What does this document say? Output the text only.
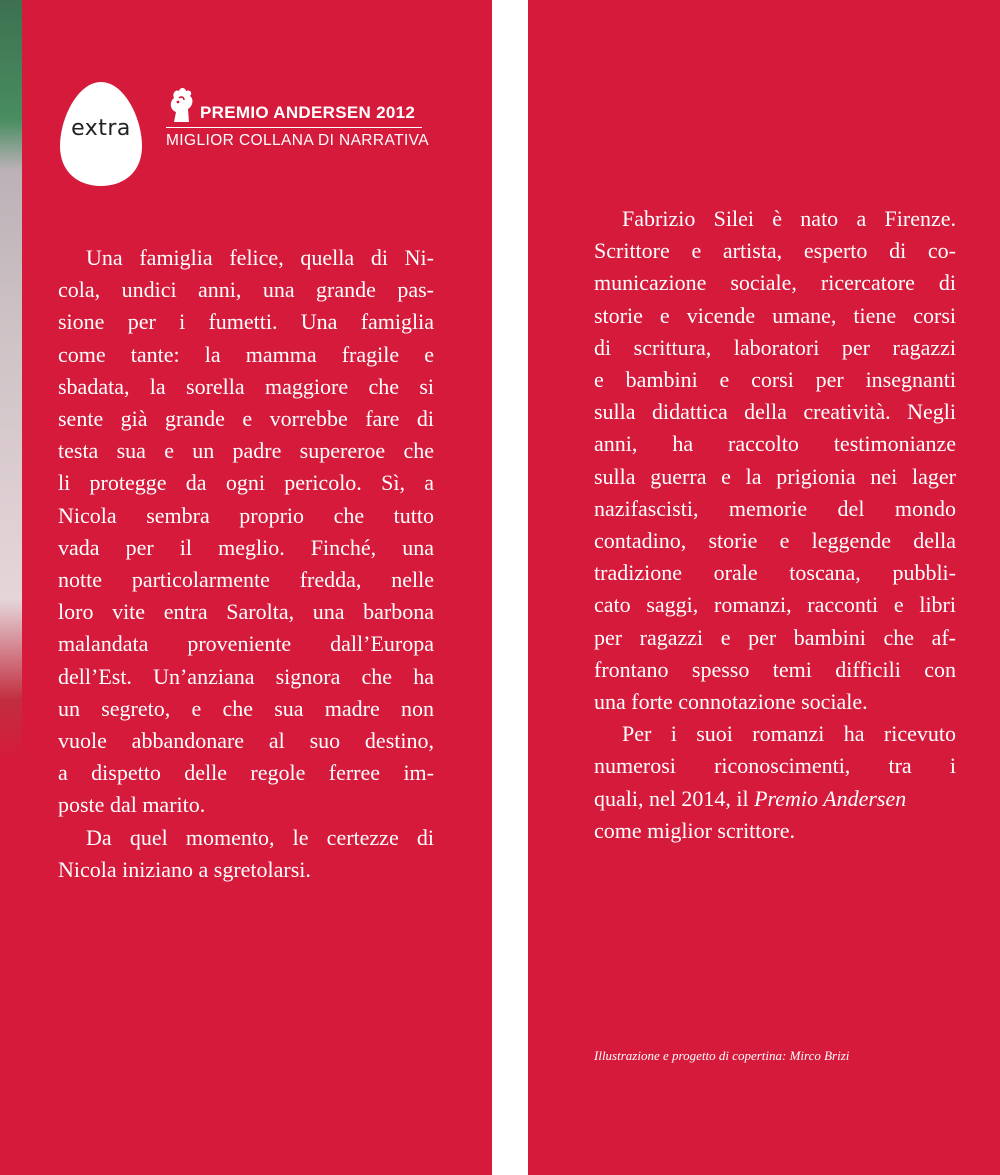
extra
PREMIO ANDERSEN 2012
MIGLIOR COLLANA DI NARRATIVA
Una famiglia felice, quella di Ni-
cola, undici anni, una grande pas-
sione per i fumetti. Una famiglia
come tante: la mamma fragile e
sbadata, la sorella maggiore che si
sente già grande e vorrebbe fare di
testa sua e un padre supereroe che
li protegge da ogni pericolo. Sì, a
Nicola sembra proprio che tutto
vada per il meglio. Finché, una
notte particolarmente fredda, nelle
loro vite entra Sarolta, una barbona
malandata proveniente dall’Europa
dell’Est. Un’anziana signora che ha
un segreto, e che sua madre non
vuole abbandonare al suo destino,
a dispetto delle regole ferree im-
poste dal marito.
Da quel momento, le certezze di
Nicola iniziano a sgretolarsi.
Fabrizio Silei è nato a Firenze.
Scrittore e artista, esperto di co-
municazione sociale, ricercatore di
storie e vicende umane, tiene corsi
di scrittura, laboratori per ragazzi
e bambini e corsi per insegnanti
sulla didattica della creatività. Negli
anni, ha raccolto testimonianze
sulla guerra e la prigionia nei lager
nazifascisti, memorie del mondo
contadino, storie e leggende della
tradizione orale toscana, pubbli-
cato saggi, romanzi, racconti e libri
per ragazzi e per bambini che af-
frontano spesso temi difficili con
una forte connotazione sociale.
Per i suoi romanzi ha ricevuto
numerosi riconoscimenti, tra i
quali, nel 2014, il Premio Andersen
come miglior scrittore.
Illustrazione e progetto di copertina: Mirco Brizi
